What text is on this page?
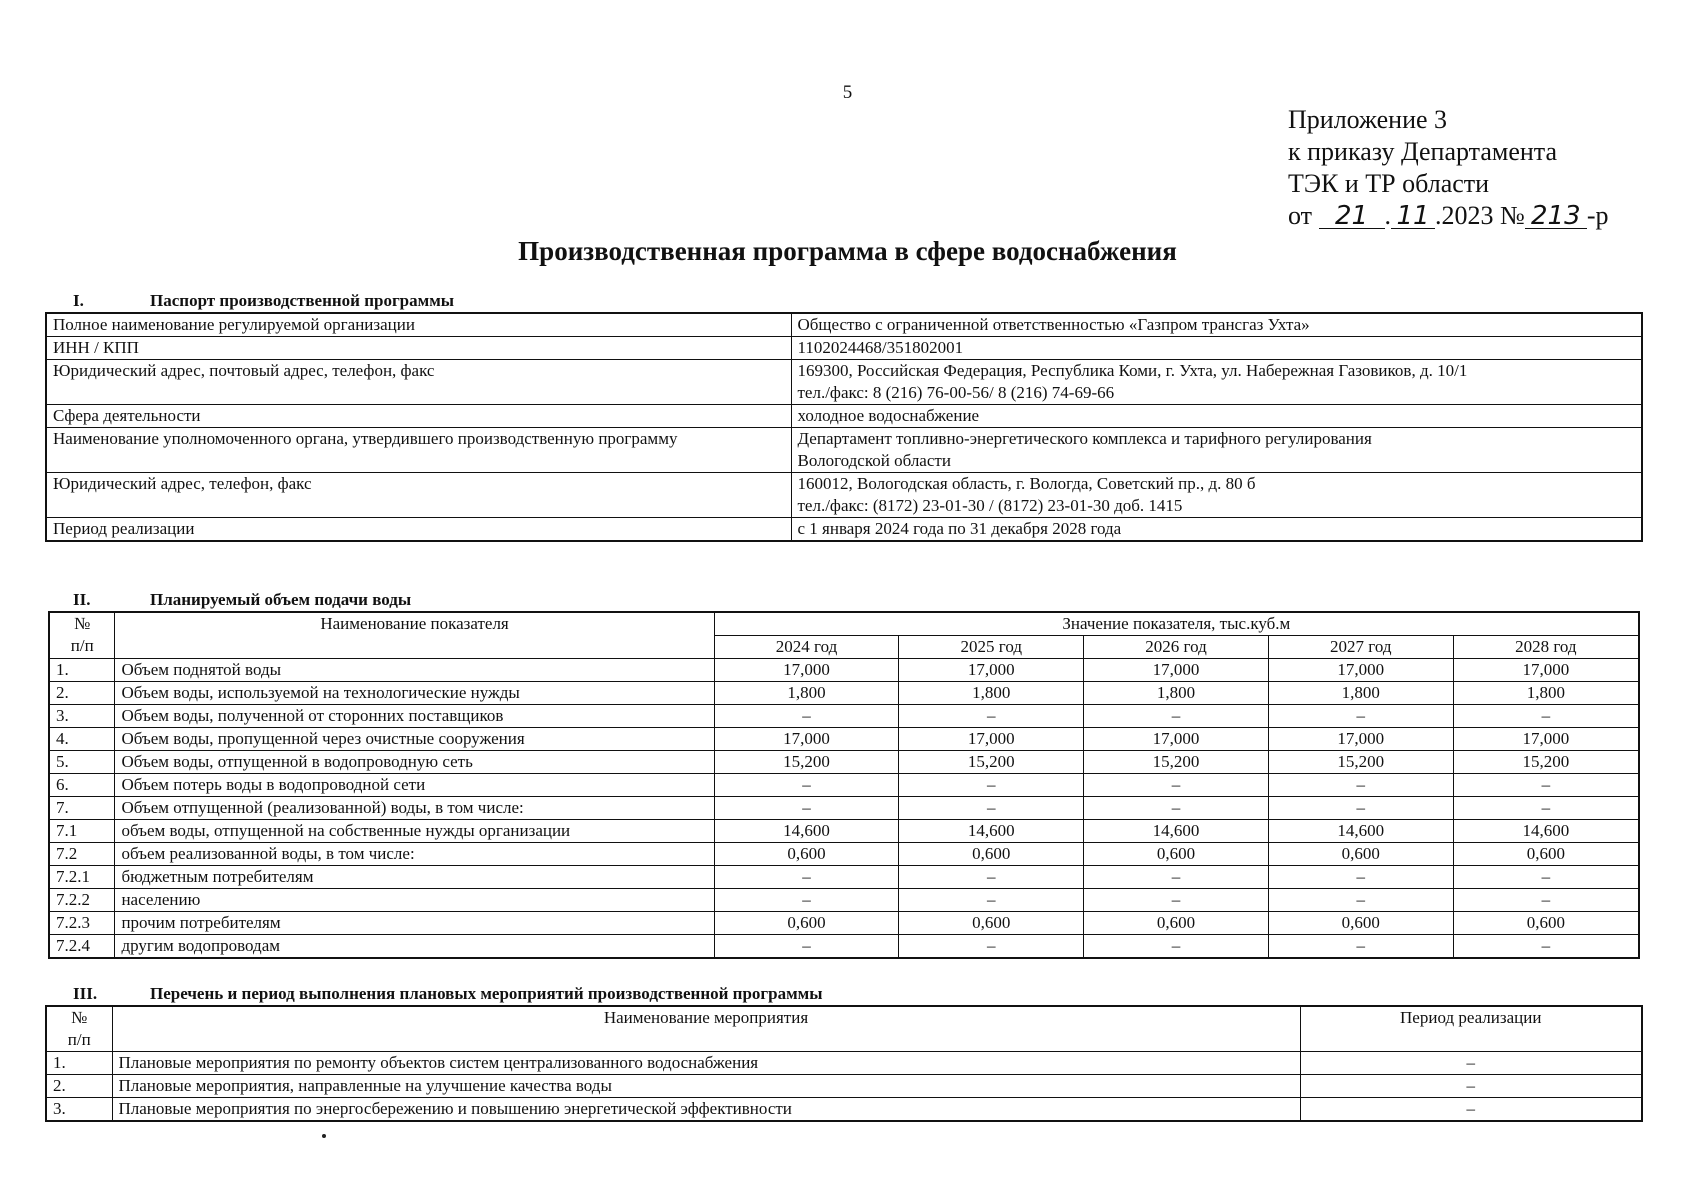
5
Приложение 3
к приказу Департамента
ТЭК и ТР области
от 21 . 11 .2023 № 213 -р
Производственная программа в сфере водоснабжения
I.	Паспорт производственной программы
Полное наименование регулируемой организации	Общество с ограниченной ответственностью «Газпром трансгаз Ухта»

ИНН / КПП	1102024468/351802001

Юридический адрес, почтовый адрес, телефон, факс	169300, Российская Федерация, Республика Коми, г. Ухта, ул. Набережная Газовиков, д. 10/1
тел./факс: 8 (216) 76-00-56/ 8 (216) 74-69-66

Сфера деятельности	холодное водоснабжение

Наименование уполномоченного органа, утвердившего производственную программу	Департамент топливно-энергетического комплекса и тарифного регулирования
Вологодской области

Юридический адрес, телефон, факс	160012, Вологодская область, г. Вологда, Советский пр., д. 80 б
тел./факс: (8172) 23-01-30 / (8172) 23-01-30 доб. 1415

Период реализации	с 1 января 2024 года по 31 декабря 2028 года
II.	Планируемый объем подачи воды
№
п/п	Наименование показателя	Значение показателя, тыс.куб.м				
		2024 год	2025 год	2026 год	2027 год	2028 год
1.	Объем поднятой воды	17,000	17,000	17,000	17,000	17,000
2.	Объем воды, используемой на технологические нужды	1,800	1,800	1,800	1,800	1,800
3.	Объем воды, полученной от сторонних поставщиков	–	–	–	–	–
4.	Объем воды, пропущенной через очистные сооружения	17,000	17,000	17,000	17,000	17,000
5.	Объем воды, отпущенной в водопроводную сеть	15,200	15,200	15,200	15,200	15,200
6.	Объем потерь воды в водопроводной сети	–	–	–	–	–
7.	Объем отпущенной (реализованной) воды, в том числе:	–	–	–	–	–
7.1	объем воды, отпущенной на собственные нужды организации	14,600	14,600	14,600	14,600	14,600
7.2	объем реализованной воды, в том числе:	0,600	0,600	0,600	0,600	0,600
7.2.1	бюджетным потребителям	–	–	–	–	–
7.2.2	населению	–	–	–	–	–
7.2.3	прочим потребителям	0,600	0,600	0,600	0,600	0,600
7.2.4	другим водопроводам	–	–	–	–	–
III.	Перечень и период выполнения плановых мероприятий производственной программы
№
п/п	Наименование мероприятия	Период реализации
1.	Плановые мероприятия по ремонту объектов систем централизованного водоснабжения	–
2.	Плановые мероприятия, направленные на улучшение качества воды	–
3.	Плановые мероприятия по энергосбережению и повышению энергетической эффективности	–
